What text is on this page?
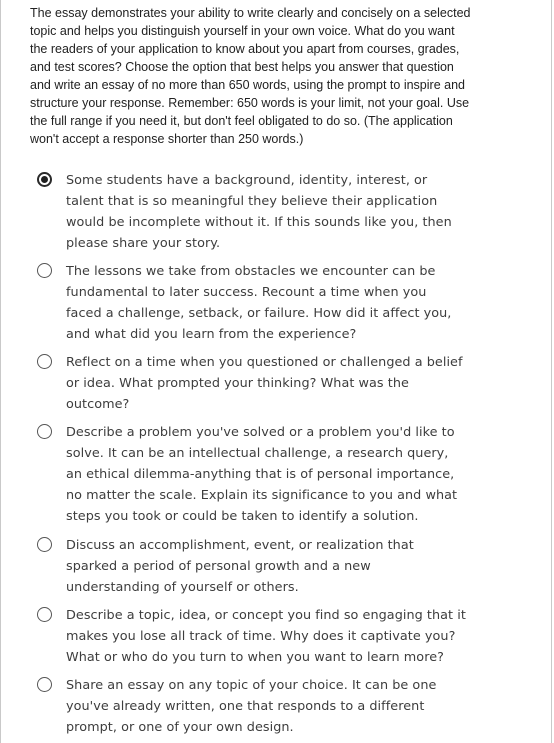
The essay demonstrates your ability to write clearly and concisely on a selected topic and helps you distinguish yourself in your own voice. What do you want the readers of your application to know about you apart from courses, grades, and test scores? Choose the option that best helps you answer that question and write an essay of no more than 650 words, using the prompt to inspire and structure your response. Remember: 650 words is your limit, not your goal. Use the full range if you need it, but don't feel obligated to do so. (The application won't accept a response shorter than 250 words.)

Some students have a background, identity, interest, or talent that is so meaningful they believe their application would be incomplete without it. If this sounds like you, then please share your story.

The lessons we take from obstacles we encounter can be fundamental to later success. Recount a time when you faced a challenge, setback, or failure. How did it affect you, and what did you learn from the experience?

Reflect on a time when you questioned or challenged a belief or idea. What prompted your thinking? What was the outcome?

Describe a problem you've solved or a problem you'd like to solve. It can be an intellectual challenge, a research query, an ethical dilemma-anything that is of personal importance, no matter the scale. Explain its significance to you and what steps you took or could be taken to identify a solution.

Discuss an accomplishment, event, or realization that sparked a period of personal growth and a new understanding of yourself or others.

Describe a topic, idea, or concept you find so engaging that it makes you lose all track of time. Why does it captivate you? What or who do you turn to when you want to learn more?

Share an essay on any topic of your choice. It can be one you've already written, one that responds to a different prompt, or one of your own design.
